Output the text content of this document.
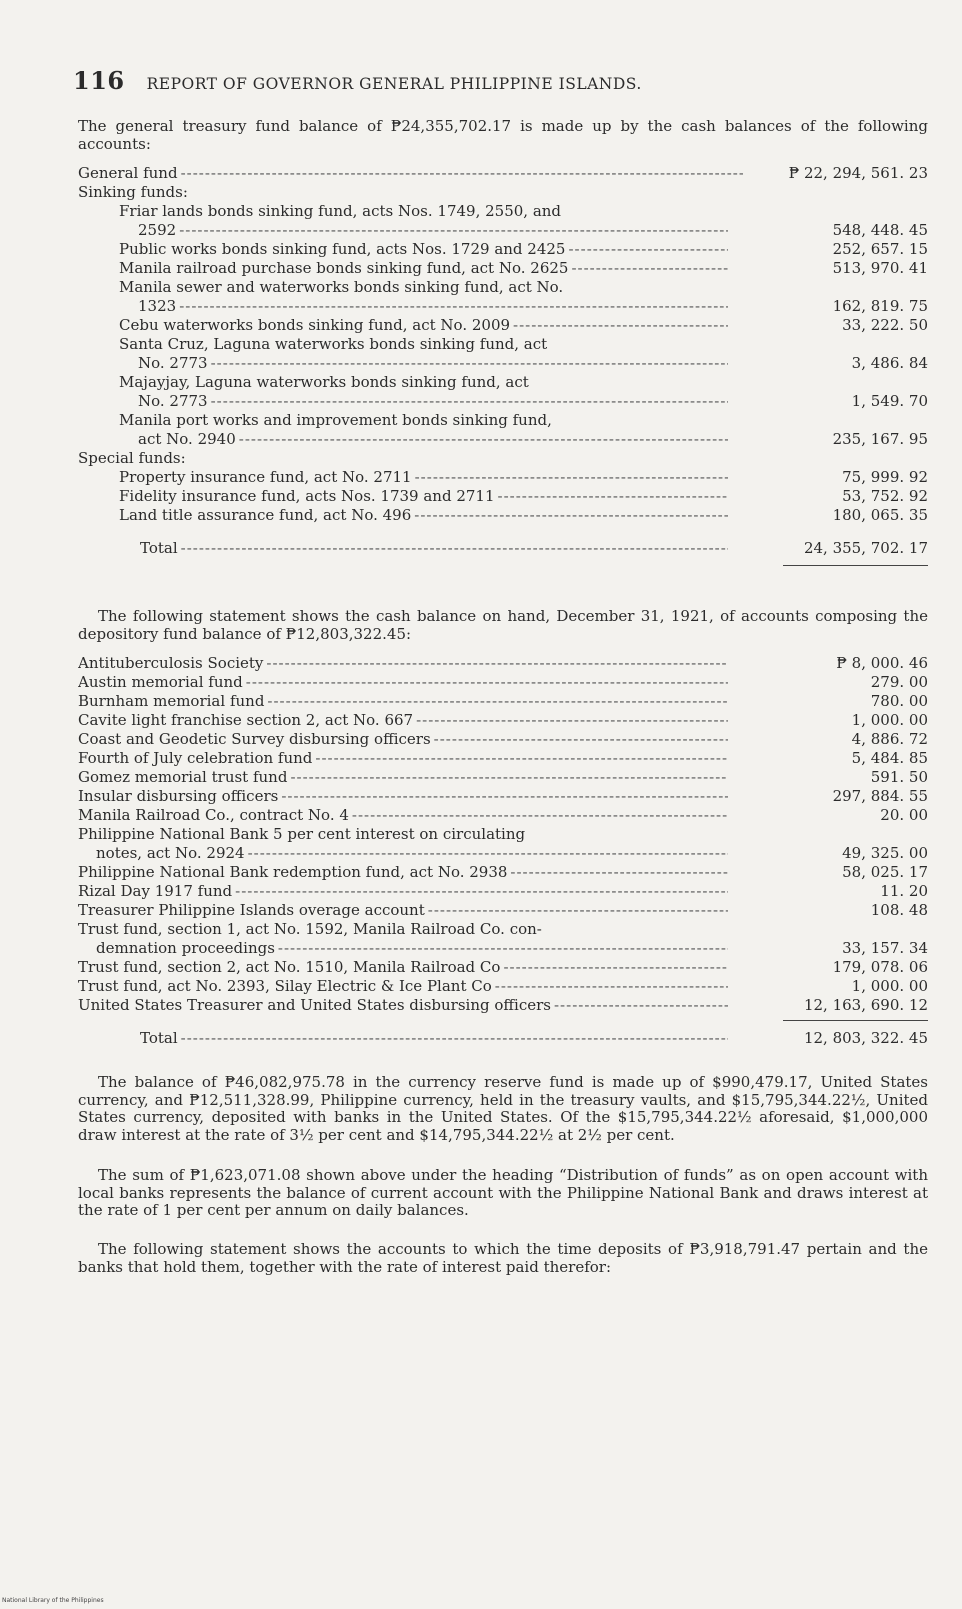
116 REPORT OF GOVERNOR GENERAL PHILIPPINE ISLANDS.
The general treasury fund balance of ₱24,355,702.17 is made up by the cash balances of the following accounts:
General fund -----	₱ 22, 294, 561. 23
Sinking funds:
Friar lands bonds sinking fund, acts Nos. 1749, 2550, and
2592 -----	548, 448. 45
Public works bonds sinking fund, acts Nos. 1729 and 2425 -----	252, 657. 15
Manila railroad purchase bonds sinking fund, act No. 2625 -----	513, 970. 41
Manila sewer and waterworks bonds sinking fund, act No.
1323 -----	162, 819. 75
Cebu waterworks bonds sinking fund, act No. 2009 -----	33, 222. 50
Santa Cruz, Laguna waterworks bonds sinking fund, act
No. 2773 -----	3, 486. 84
Majayjay, Laguna waterworks bonds sinking fund, act
No. 2773 -----	1, 549. 70
Manila port works and improvement bonds sinking fund,
act No. 2940 -----	235, 167. 95
Special funds:
Property insurance fund, act No. 2711 -----	75, 999. 92
Fidelity insurance fund, acts Nos. 1739 and 2711 -----	53, 752. 92
Land title assurance fund, act No. 496 -----	180, 065. 35
Total -----	24, 355, 702. 17
The following statement shows the cash balance on hand, December 31, 1921, of accounts composing the depository fund balance of ₱12,803,322.45:
Antituberculosis Society -----	₱ 8, 000. 46
Austin memorial fund -----	279. 00
Burnham memorial fund -----	780. 00
Cavite light franchise section 2, act No. 667 -----	1, 000. 00
Coast and Geodetic Survey disbursing officers -----	4, 886. 72
Fourth of July celebration fund -----	5, 484. 85
Gomez memorial trust fund -----	591. 50
Insular disbursing officers -----	297, 884. 55
Manila Railroad Co., contract No. 4 -----	20. 00
Philippine National Bank 5 per cent interest on circulating
notes, act No. 2924 -----	49, 325. 00
Philippine National Bank redemption fund, act No. 2938 -----	58, 025. 17
Rizal Day 1917 fund -----	11. 20
Treasurer Philippine Islands overage account -----	108. 48
Trust fund, section 1, act No. 1592, Manila Railroad Co. con-
demnation proceedings -----	33, 157. 34
Trust fund, section 2, act No. 1510, Manila Railroad Co -----	179, 078. 06
Trust fund, act No. 2393, Silay Electric & Ice Plant Co -----	1, 000. 00
United States Treasurer and United States disbursing officers -----	12, 163, 690. 12
Total -----	12, 803, 322. 45
The balance of ₱46,082,975.78 in the currency reserve fund is made up of $990,479.17, United States currency, and ₱12,511,328.99, Philippine currency, held in the treasury vaults, and $15,795,344.22½, United States currency, deposited with banks in the United States. Of the $15,795,344.22½ aforesaid, $1,000,000 draw interest at the rate of 3½ per cent and $14,795,344.22½ at 2½ per cent.
The sum of ₱1,623,071.08 shown above under the heading “Distribution of funds” as on open account with local banks represents the balance of current account with the Philippine National Bank and draws interest at the rate of 1 per cent per annum on daily balances.
The following statement shows the accounts to which the time deposits of ₱3,918,791.47 pertain and the banks that hold them, together with the rate of interest paid therefor:
National Library of the Philippines
